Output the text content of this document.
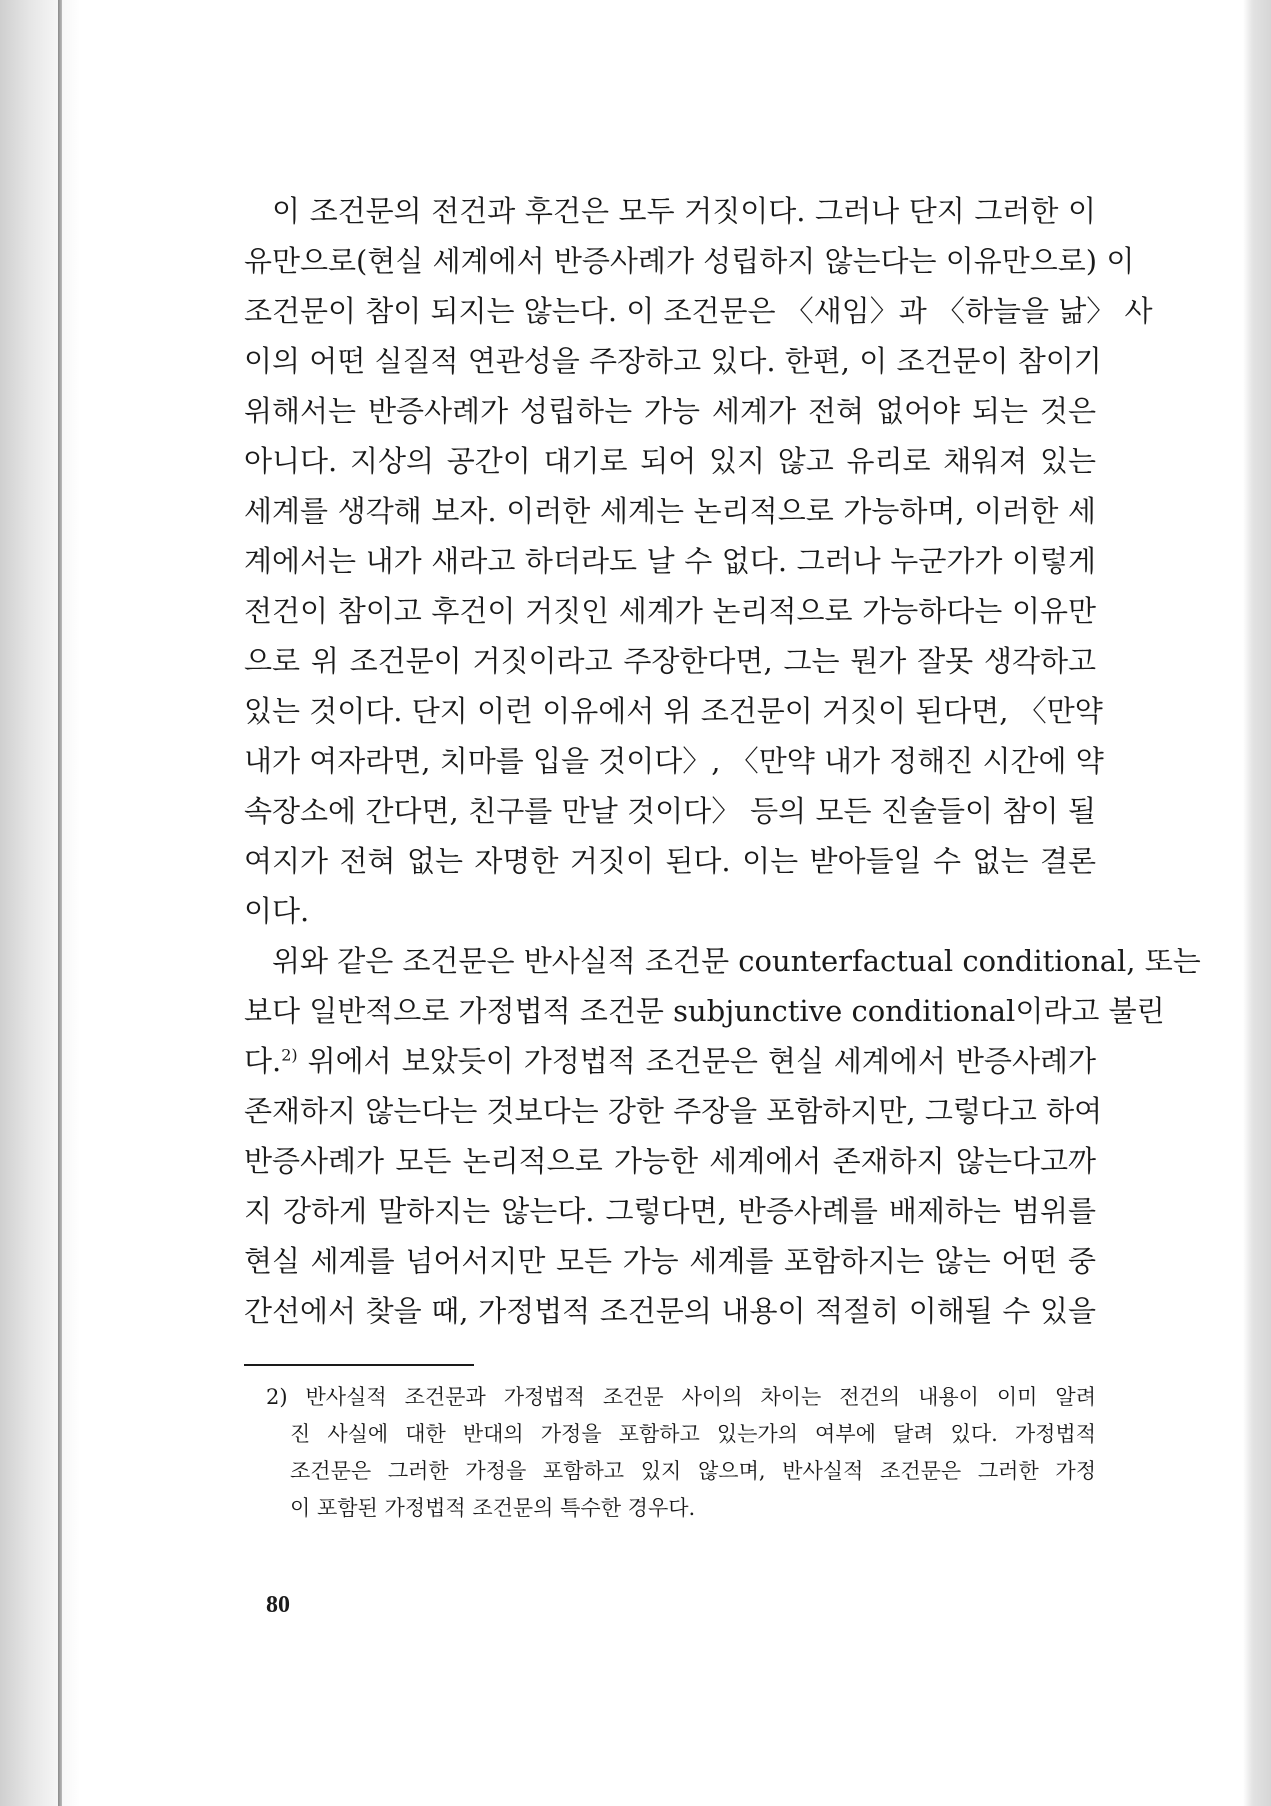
이 조건문의 전건과 후건은 모두 거짓이다. 그러나 단지 그러한 이
유만으로(현실 세계에서 반증사례가 성립하지 않는다는 이유만으로) 이
조건문이 참이 되지는 않는다. 이 조건문은 〈새임〉과 〈하늘을 낢〉 사
이의 어떤 실질적 연관성을 주장하고 있다. 한편, 이 조건문이 참이기
위해서는 반증사례가 성립하는 가능 세계가 전혀 없어야 되는 것은
아니다. 지상의 공간이 대기로 되어 있지 않고 유리로 채워져 있는
세계를 생각해 보자. 이러한 세계는 논리적으로 가능하며, 이러한 세
계에서는 내가 새라고 하더라도 날 수 없다. 그러나 누군가가 이렇게
전건이 참이고 후건이 거짓인 세계가 논리적으로 가능하다는 이유만
으로 위 조건문이 거짓이라고 주장한다면, 그는 뭔가 잘못 생각하고
있는 것이다. 단지 이런 이유에서 위 조건문이 거짓이 된다면, 〈만약
내가 여자라면, 치마를 입을 것이다〉, 〈만약 내가 정해진 시간에 약
속장소에 간다면, 친구를 만날 것이다〉 등의 모든 진술들이 참이 될
여지가 전혀 없는 자명한 거짓이 된다. 이는 받아들일 수 없는 결론
이다.

위와 같은 조건문은 반사실적 조건문 counterfactual conditional, 또는
보다 일반적으로 가정법적 조건문 subjunctive conditional이라고 불린
다.$^{2)}$ 위에서 보았듯이 가정법적 조건문은 현실 세계에서 반증사례가
존재하지 않는다는 것보다는 강한 주장을 포함하지만, 그렇다고 하여
반증사례가 모든 논리적으로 가능한 세계에서 존재하지 않는다고까
지 강하게 말하지는 않는다. 그렇다면, 반증사례를 배제하는 범위를
현실 세계를 넘어서지만 모든 가능 세계를 포함하지는 않는 어떤 중
간선에서 찾을 때, 가정법적 조건문의 내용이 적절히 이해될 수 있을

2) 반사실적 조건문과 가정법적 조건문 사이의 차이는 전건의 내용이 이미 알려
진 사실에 대한 반대의 가정을 포함하고 있는가의 여부에 달려 있다. 가정법적
조건문은 그러한 가정을 포함하고 있지 않으며, 반사실적 조건문은 그러한 가정
이 포함된 가정법적 조건문의 특수한 경우다.
80
